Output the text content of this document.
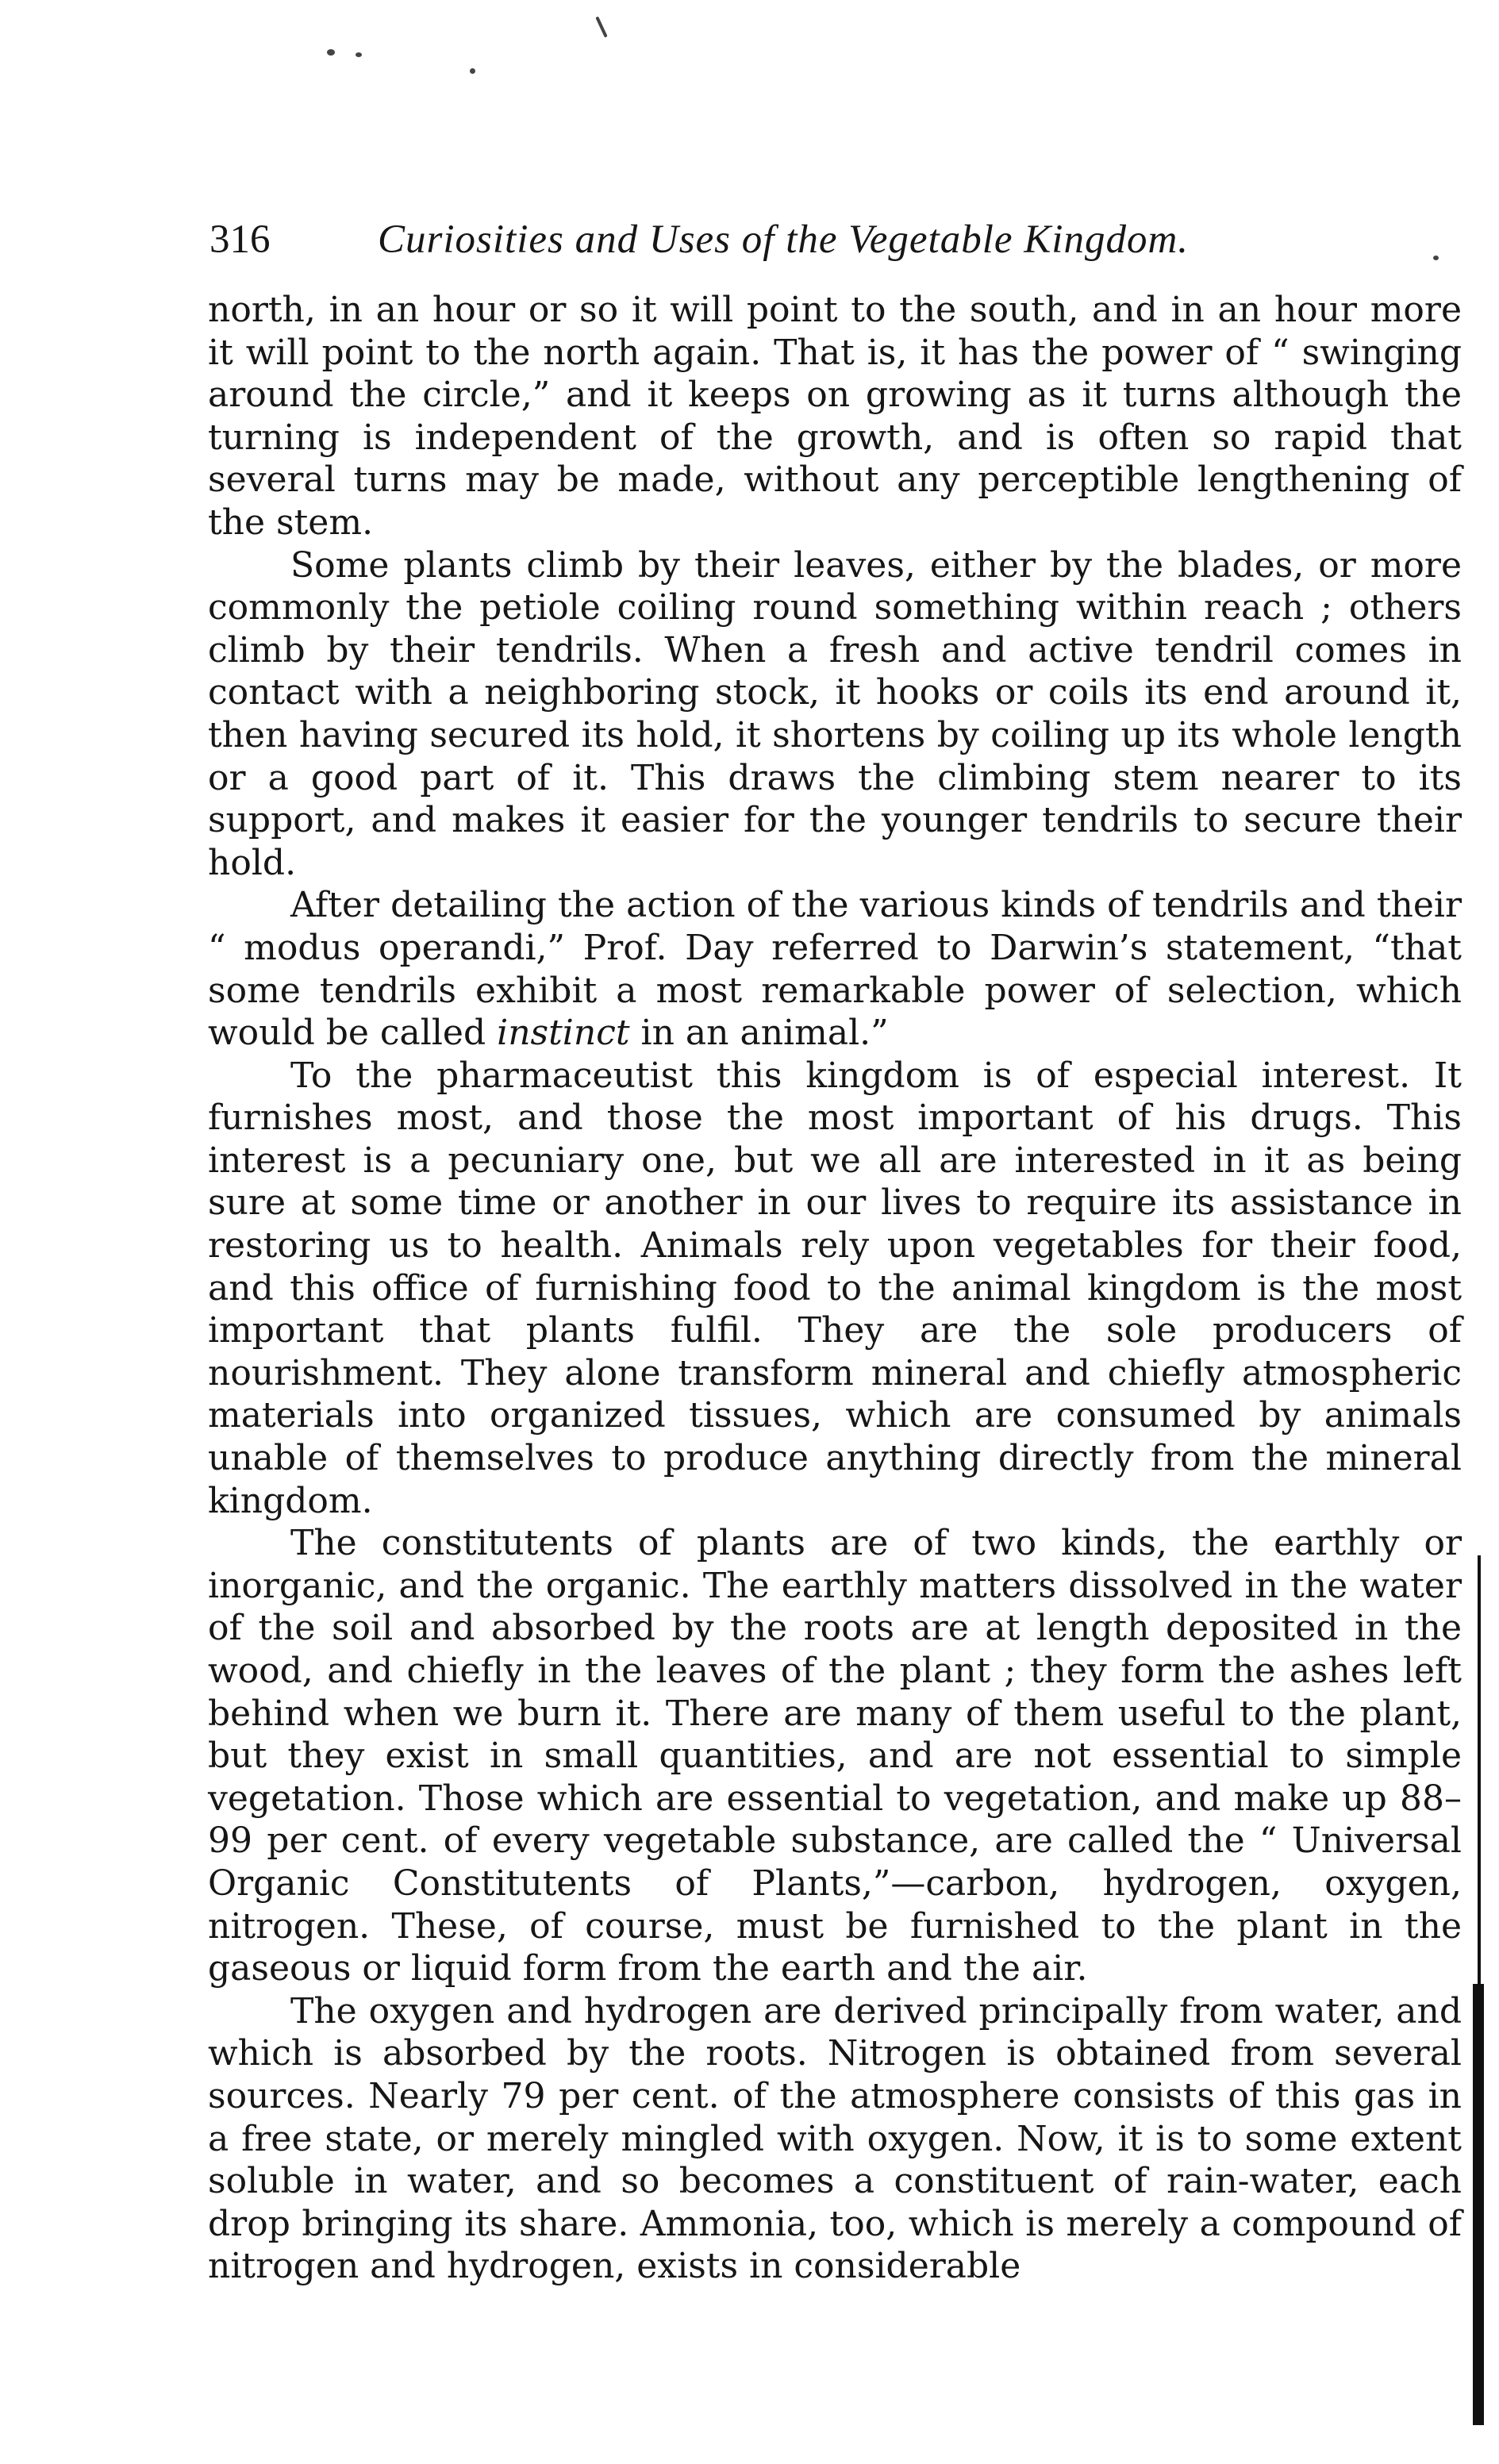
316	Curiosities and Uses of the Vegetable Kingdom.

north, in an hour or so it will point to the south, and in an hour more it will point to the north again. That is, it has the power of “ swinging around the circle,” and it keeps on growing as it turns although the turning is independent of the growth, and is often so rapid that several turns may be made, without any perceptible lengthening of the stem.

Some plants climb by their leaves, either by the blades, or more commonly the petiole coiling round something within reach ; others climb by their tendrils. When a fresh and active tendril comes in contact with a neighboring stock, it hooks or coils its end around it, then having secured its hold, it shortens by coiling up its whole length or a good part of it. This draws the climbing stem nearer to its support, and makes it easier for the younger tendrils to secure their hold.

After detailing the action of the various kinds of tendrils and their “ modus operandi,” Prof. Day referred to Darwin’s statement, “that some tendrils exhibit a most remarkable power of selection, which would be called instinct in an animal.”

To the pharmaceutist this kingdom is of especial interest. It furnishes most, and those the most important of his drugs. This interest is a pecuniary one, but we all are interested in it as being sure at some time or another in our lives to require its assistance in restoring us to health. Animals rely upon vegetables for their food, and this office of furnishing food to the animal kingdom is the most important that plants fulfil. They are the sole producers of nourishment. They alone transform mineral and chiefly atmospheric materials into organized tissues, which are consumed by animals unable of themselves to produce anything directly from the mineral kingdom.

The constitutents of plants are of two kinds, the earthly or inorganic, and the organic. The earthly matters dissolved in the water of the soil and absorbed by the roots are at length deposited in the wood, and chiefly in the leaves of the plant ; they form the ashes left behind when we burn it. There are many of them useful to the plant, but they exist in small quantities, and are not essential to simple vegetation. Those which are essential to vegetation, and make up 88–99 per cent. of every vegetable substance, are called the “ Universal Organic Constitutents of Plants,”—carbon, hydrogen, oxygen, nitrogen. These, of course, must be furnished to the plant in the gaseous or liquid form from the earth and the air.

The oxygen and hydrogen are derived principally from water, and which is absorbed by the roots. Nitrogen is obtained from several sources. Nearly 79 per cent. of the atmosphere consists of this gas in a free state, or merely mingled with oxygen. Now, it is to some extent soluble in water, and so becomes a constituent of rain-water, each drop bringing its share. Ammonia, too, which is merely a compound of nitrogen and hydrogen, exists in considerable
